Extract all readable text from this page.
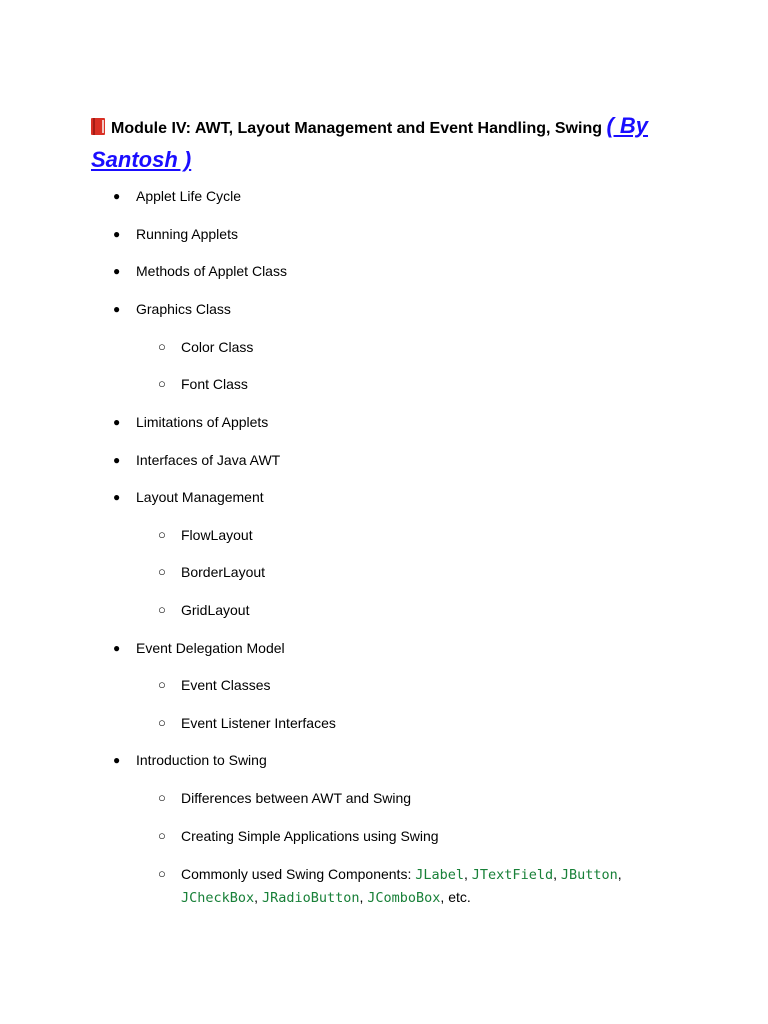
Module IV: AWT, Layout Management and Event Handling, Swing ( By Santosh )
● Applet Life Cycle
● Running Applets
● Methods of Applet Class
● Graphics Class
○ Color Class
○ Font Class
● Limitations of Applets
● Interfaces of Java AWT
● Layout Management
○ FlowLayout
○ BorderLayout
○ GridLayout
● Event Delegation Model
○ Event Classes
○ Event Listener Interfaces
● Introduction to Swing
○ Differences between AWT and Swing
○ Creating Simple Applications using Swing
○ Commonly used Swing Components: JLabel, JTextField, JButton, JCheckBox, JRadioButton, JComboBox, etc.
